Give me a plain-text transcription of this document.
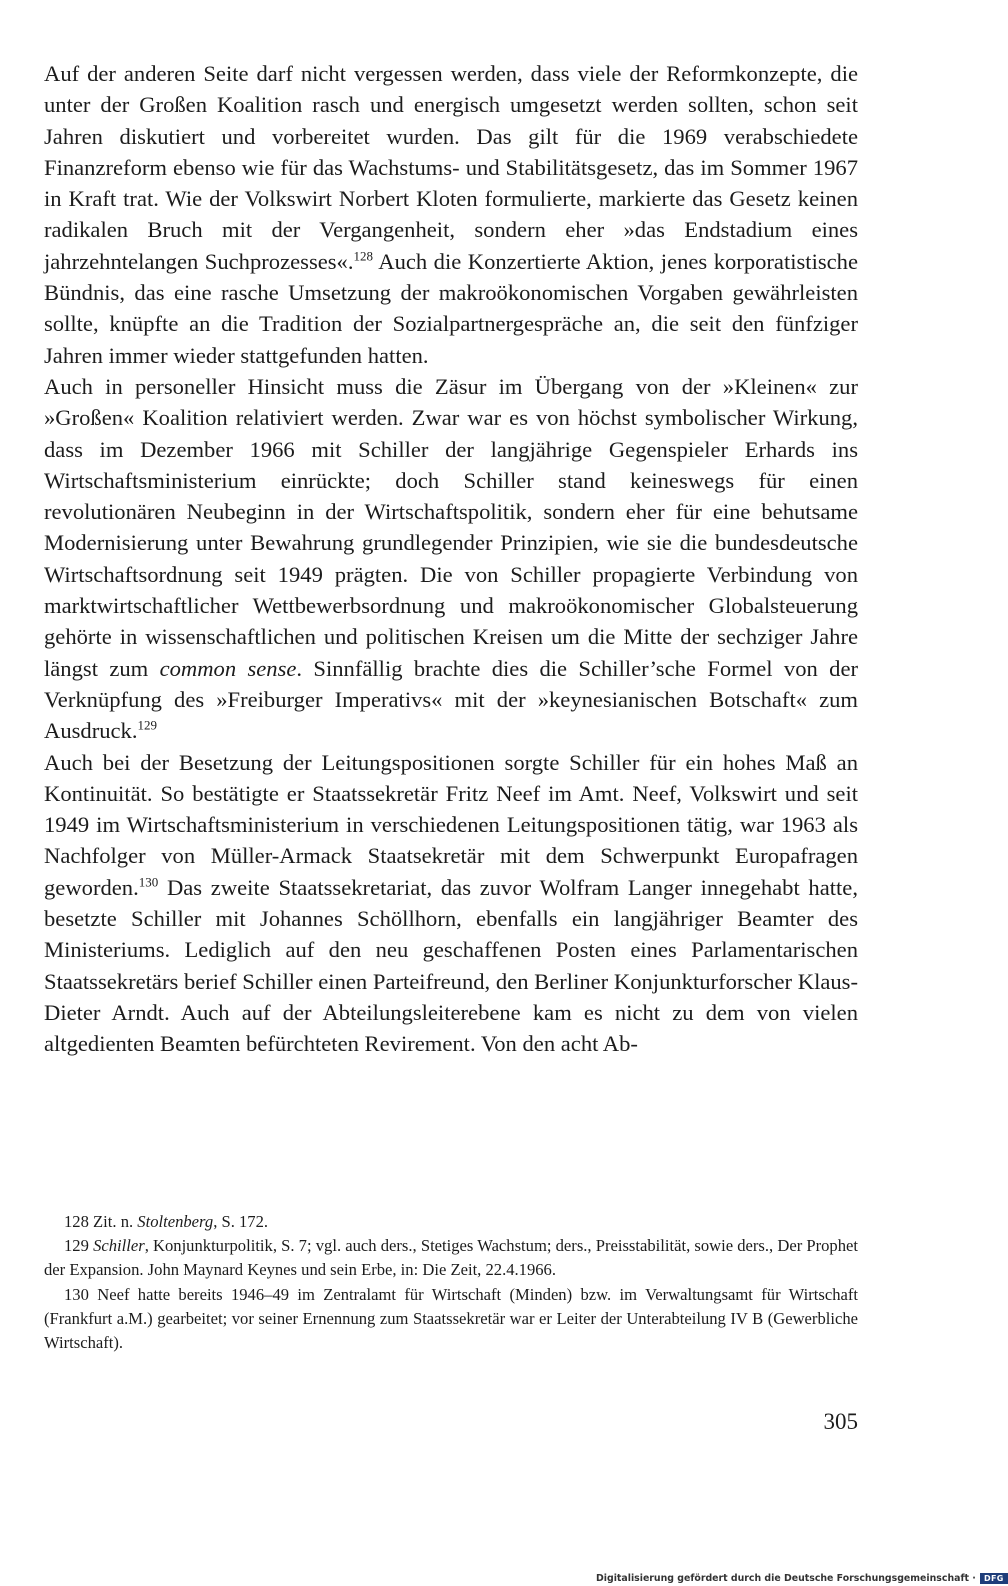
Auf der anderen Seite darf nicht vergessen werden, dass viele der Reformkonzepte, die unter der Großen Koalition rasch und energisch umgesetzt werden sollten, schon seit Jahren diskutiert und vorbereitet wurden. Das gilt für die 1969 verabschiedete Finanzreform ebenso wie für das Wachstums- und Stabilitätsgesetz, das im Sommer 1967 in Kraft trat. Wie der Volkswirt Norbert Kloten formulierte, markierte das Gesetz keinen radikalen Bruch mit der Vergangenheit, sondern eher »das Endstadium eines jahrzehntelangen Suchprozesses«.$^{128}$ Auch die Konzertierte Aktion, jenes korporatistische Bündnis, das eine rasche Umsetzung der makroökonomischen Vorgaben gewährleisten sollte, knüpfte an die Tradition der Sozialpartnergespräche an, die seit den fünfziger Jahren immer wieder stattgefunden hatten.

Auch in personeller Hinsicht muss die Zäsur im Übergang von der »Kleinen« zur »Großen« Koalition relativiert werden. Zwar war es von höchst symbolischer Wirkung, dass im Dezember 1966 mit Schiller der langjährige Gegenspieler Erhards ins Wirtschaftsministerium einrückte; doch Schiller stand keineswegs für einen revolutionären Neubeginn in der Wirtschaftspolitik, sondern eher für eine behutsame Modernisierung unter Bewahrung grundlegender Prinzipien, wie sie die bundesdeutsche Wirtschaftsordnung seit 1949 prägten. Die von Schiller propagierte Verbindung von marktwirtschaftlicher Wettbewerbsordnung und makroökonomischer Globalsteuerung gehörte in wissenschaftlichen und politischen Kreisen um die Mitte der sechziger Jahre längst zum common sense. Sinnfällig brachte dies die Schiller’sche Formel von der Verknüpfung des »Freiburger Imperativs« mit der »keynesianischen Botschaft« zum Ausdruck.$^{129}$

Auch bei der Besetzung der Leitungspositionen sorgte Schiller für ein hohes Maß an Kontinuität. So bestätigte er Staatssekretär Fritz Neef im Amt. Neef, Volkswirt und seit 1949 im Wirtschaftsministerium in verschiedenen Leitungspositionen tätig, war 1963 als Nachfolger von Müller-Armack Staatsekretär mit dem Schwerpunkt Europafragen geworden.$^{130}$ Das zweite Staatssekretariat, das zuvor Wolfram Langer innegehabt hatte, besetzte Schiller mit Johannes Schöllhorn, ebenfalls ein langjähriger Beamter des Ministeriums. Lediglich auf den neu geschaffenen Posten eines Parlamentarischen Staatssekretärs berief Schiller einen Parteifreund, den Berliner Konjunkturforscher Klaus-Dieter Arndt. Auch auf der Abteilungsleiterebene kam es nicht zu dem von vielen altgedienten Beamten befürchteten Revirement. Von den acht Ab-

128 Zit. n. Stoltenberg, S. 172.

129 Schiller, Konjunkturpolitik, S. 7; vgl. auch ders., Stetiges Wachstum; ders., Preisstabilität, sowie ders., Der Prophet der Expansion. John Maynard Keynes und sein Erbe, in: Die Zeit, 22.4.1966.

130 Neef hatte bereits 1946–49 im Zentralamt für Wirtschaft (Minden) bzw. im Verwaltungsamt für Wirtschaft (Frankfurt a.M.) gearbeitet; vor seiner Ernennung zum Staatssekretär war er Leiter der Unterabteilung IV B (Gewerbliche Wirtschaft).

305
Digitalisierung gefördert durch die Deutsche Forschungsgemeinschaft ·	DFG
